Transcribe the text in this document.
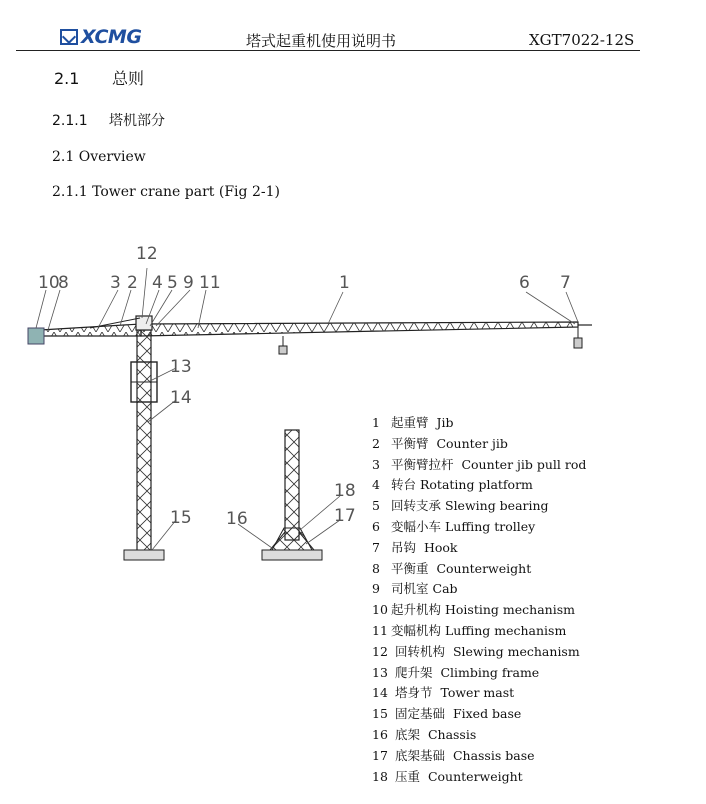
XCMG	塔式起重机使用说明书	XGT7022-12S
2.1 总则
2.1.1 塔机部分
2.1 Overview
2.1.1 Tower crane part (Fig 2-1)
10
8 3 2
12
4 5 9 11	1	6 7
13
14
15 16
18
17
1 起重臂 Jib
2 平衡臂 Counter jib
3 平衡臂拉杆 Counter jib pull rod
4 转台 Rotating platform
5 回转支承 Slewing bearing
6 变幅小车 Luffing trolley
7 吊钩 Hook
8 平衡重 Counterweight
9 司机室 Cab
10 起升机构 Hoisting mechanism
11 变幅机构 Luffing mechanism
12 回转机构 Slewing mechanism
13 爬升架 Climbing frame
14 塔身节 Tower mast
15 固定基础 Fixed base
16 底架 Chassis
17 底架基础 Chassis base
18 压重 Counterweight
